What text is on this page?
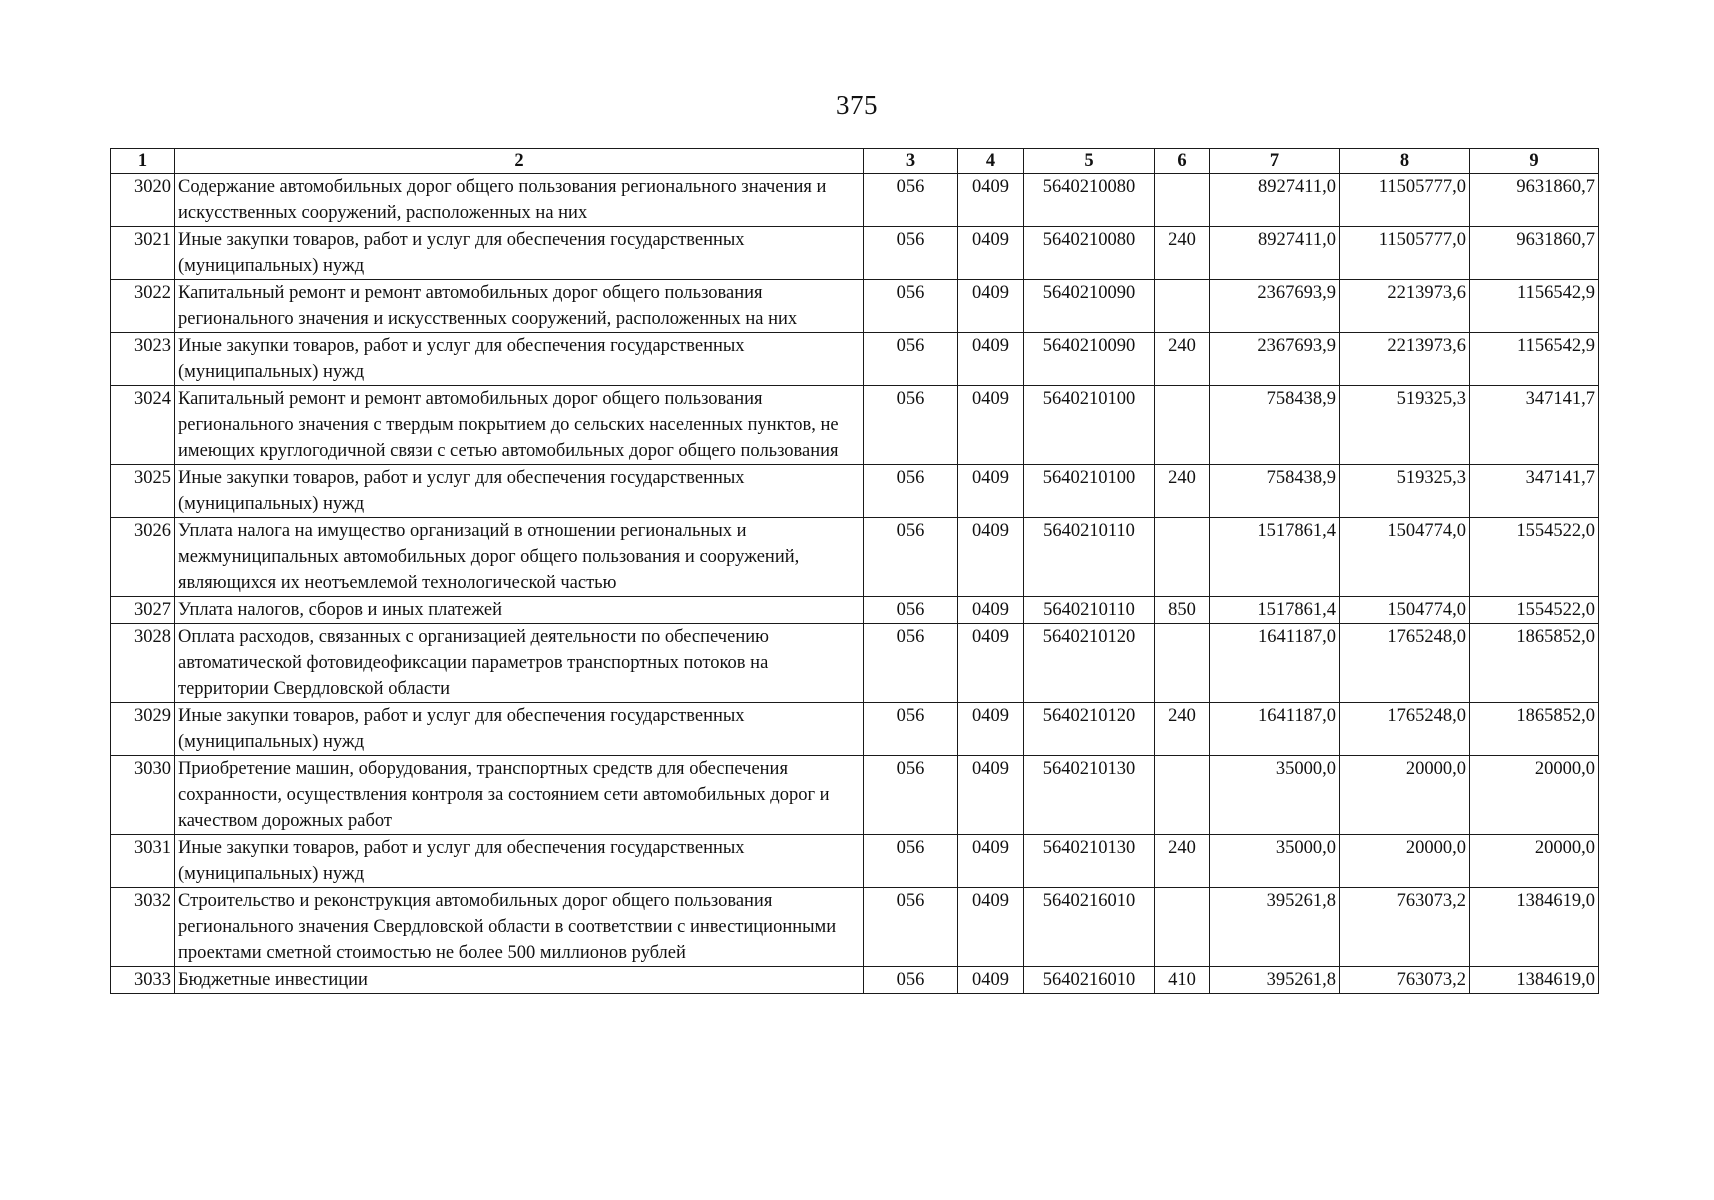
375
1	2	3	4	5	6	7	8	9
3020	Содержание автомобильных дорог общего пользования регионального значения и искусственных сооружений, расположенных на них	056	0409	5640210080		8927411,0	11505777,0	9631860,7
3021	Иные закупки товаров, работ и услуг для обеспечения государственных (муниципальных) нужд	056	0409	5640210080	240	8927411,0	11505777,0	9631860,7
3022	Капитальный ремонт и ремонт автомобильных дорог общего пользования регионального значения и искусственных сооружений, расположенных на них	056	0409	5640210090		2367693,9	2213973,6	1156542,9
3023	Иные закупки товаров, работ и услуг для обеспечения государственных (муниципальных) нужд	056	0409	5640210090	240	2367693,9	2213973,6	1156542,9
3024	Капитальный ремонт и ремонт автомобильных дорог общего пользования регионального значения с твердым покрытием до сельских населенных пунктов, не имеющих круглогодичной связи с сетью автомобильных дорог общего пользования	056	0409	5640210100		758438,9	519325,3	347141,7
3025	Иные закупки товаров, работ и услуг для обеспечения государственных (муниципальных) нужд	056	0409	5640210100	240	758438,9	519325,3	347141,7
3026	Уплата налога на имущество организаций в отношении региональных и межмуниципальных автомобильных дорог общего пользования и сооружений, являющихся их неотъемлемой технологической частью	056	0409	5640210110		1517861,4	1504774,0	1554522,0
3027	Уплата налогов, сборов и иных платежей	056	0409	5640210110	850	1517861,4	1504774,0	1554522,0
3028	Оплата расходов, связанных с организацией деятельности по обеспечению автоматической фотовидеофиксации параметров транспортных потоков на территории Свердловской области	056	0409	5640210120		1641187,0	1765248,0	1865852,0
3029	Иные закупки товаров, работ и услуг для обеспечения государственных (муниципальных) нужд	056	0409	5640210120	240	1641187,0	1765248,0	1865852,0
3030	Приобретение машин, оборудования, транспортных средств для обеспечения сохранности, осуществления контроля за состоянием сети автомобильных дорог и качеством дорожных работ	056	0409	5640210130		35000,0	20000,0	20000,0
3031	Иные закупки товаров, работ и услуг для обеспечения государственных (муниципальных) нужд	056	0409	5640210130	240	35000,0	20000,0	20000,0
3032	Строительство и реконструкция автомобильных дорог общего пользования регионального значения Свердловской области в соответствии с инвестиционными проектами сметной стоимостью не более 500 миллионов рублей	056	0409	5640216010		395261,8	763073,2	1384619,0
3033	Бюджетные инвестиции	056	0409	5640216010	410	395261,8	763073,2	1384619,0
